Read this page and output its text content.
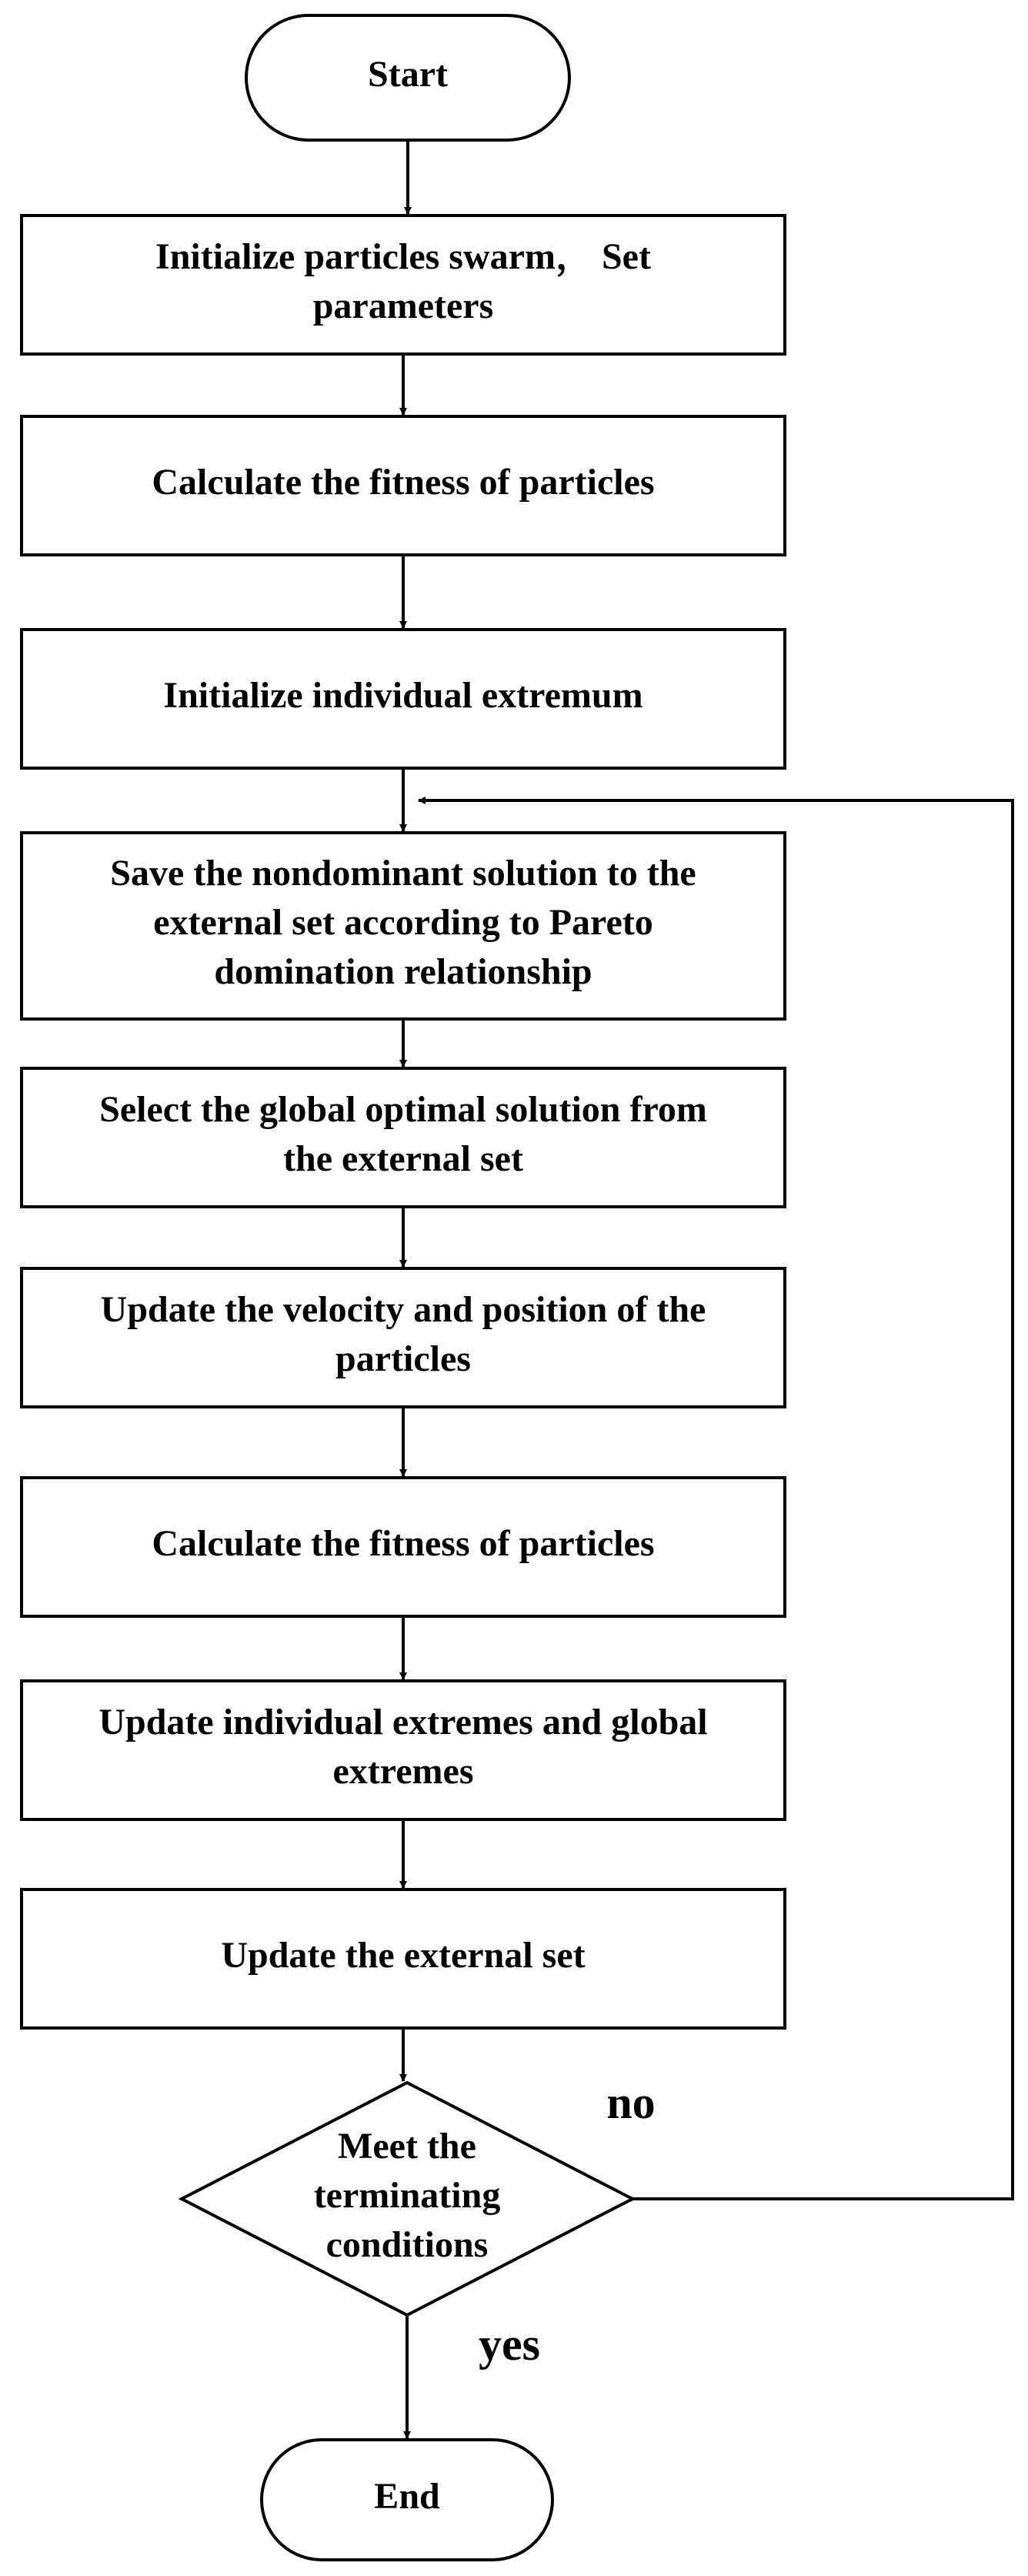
Start
Initialize particles swarm， Set
parameters
Calculate the fitness of particles
Initialize individual extremum
Save the nondominant solution to the
external set according to Pareto
domination relationship
Select the global optimal solution from
the external set
Update the velocity and position of the
particles
Calculate the fitness of particles
Update individual extremes and global
extremes
Update the external set
Meet the
terminating
conditions
End
no
yes
